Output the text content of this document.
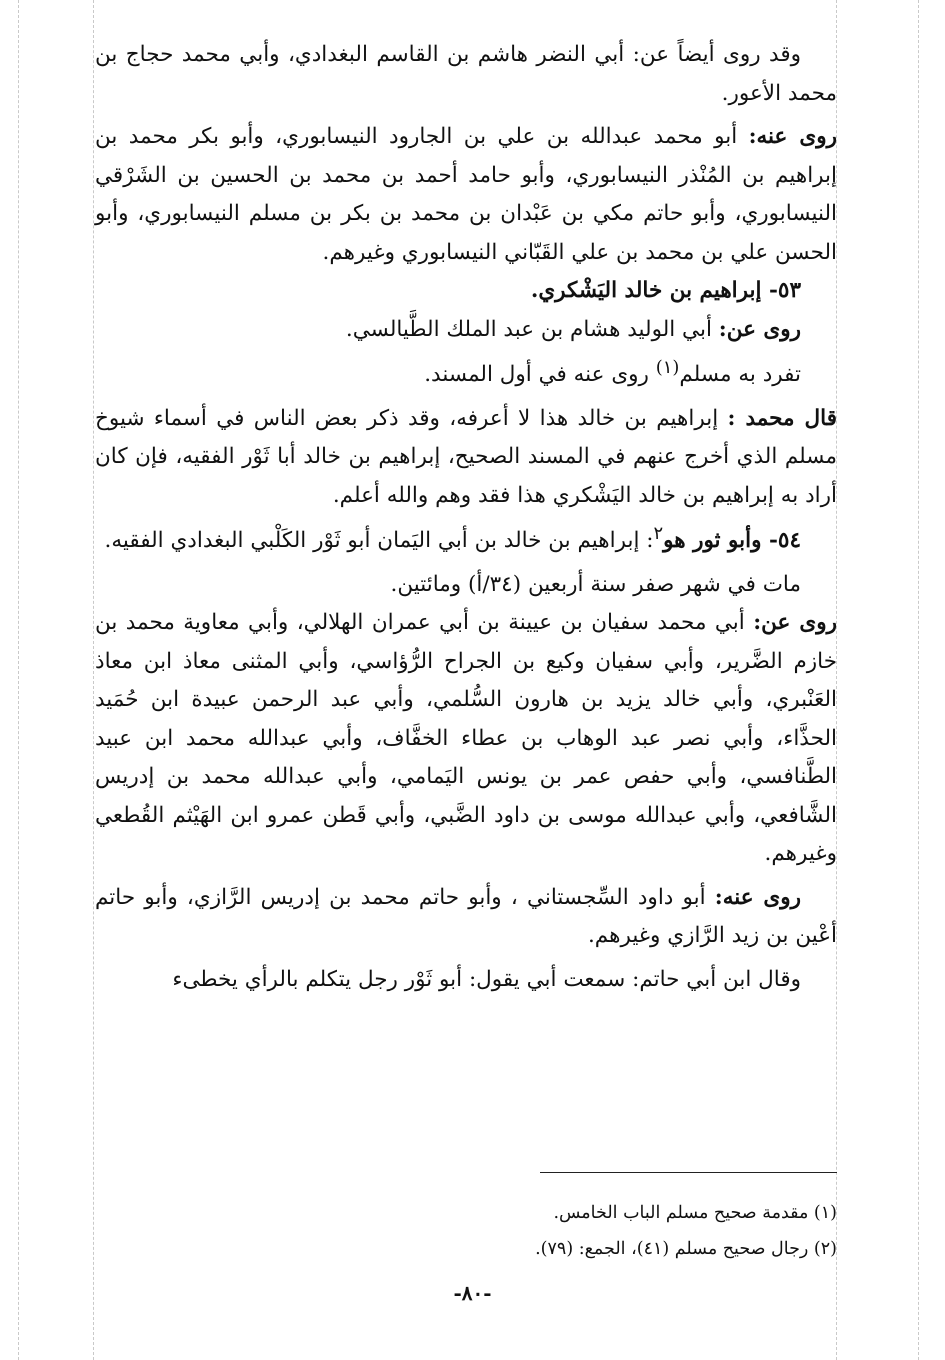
وقد روى أيضاً عن: أبي النضر هاشم بن القاسم البغدادي، وأبي محمد حجاج بن محمد الأعور.

روى عنه: أبو محمد عبدالله بن علي بن الجارود النيسابوري، وأبو بكر محمد بن إبراهيم بن المُنْذر النيسابوري، وأبو حامد أحمد بن محمد بن الحسين بن الشَرْقي النيسابوري، وأبو حاتم مكي بن عَبْدان بن محمد بن بكر بن مسلم النيسابوري، وأبو الحسن علي بن محمد بن علي القَبّاني النيسابوري وغيرهم.

٥٣- إبراهيم بن خالد اليَشْكري.

روى عن: أبي الوليد هشام بن عبد الملك الطَّيالسي.

تفرد به مسلم$^{(١)}$ روى عنه في أول المسند.

قال محمد : إبراهيم بن خالد هذا لا أعرفه، وقد ذكر بعض الناس في أسماء شيوخ مسلم الذي أخرج عنهم في المسند الصحيح، إبراهيم بن خالد أبا ثَوْر الفقيه، فإن كان أراد به إبراهيم بن خالد اليَشْكري هذا فقد وهم والله أعلم.

٥٤- وأبو ثور هو$^٢$: إبراهيم بن خالد بن أبي اليَمان أبو ثَوْر الكَلْبي البغدادي الفقيه.

مات في شهر صفر سنة أربعين (٣٤/أ) ومائتين.

روى عن: أبي محمد سفيان بن عيينة بن أبي عمران الهلالي، وأبي معاوية محمد بن خازم الضَّرير، وأبي سفيان وكيع بن الجراح الرُّؤاسي، وأبي المثنى معاذ ابن معاذ العَنْبري، وأبي خالد يزيد بن هارون السُّلمي، وأبي عبد الرحمن عبيدة ابن حُمَيد الحذَّاء، وأبي نصر عبد الوهاب بن عطاء الخفَّاف، وأبي عبدالله محمد ابن عبيد الطَّنافسي، وأبي حفص عمر بن يونس اليَمامي، وأبي عبدالله محمد بن إدريس الشَّافعي، وأبي عبدالله موسى بن داود الضَّبي، وأبي قَطن عمرو ابن الهَيْثم القُطعي وغيرهم.

روى عنه: أبو داود السِّجستاني ، وأبو حاتم محمد بن إدريس الرَّازي، وأبو حاتم أعْين بن زيد الرَّازي وغيرهم.

وقال ابن أبي حاتم: سمعت أبي يقول: أبو ثَوْر رجل يتكلم بالرأي يخطىء

(١) مقدمة صحيح مسلم الباب الخامس.

(٢) رجال صحيح مسلم (٤١)، الجمع: (٧٩).

-٨٠-
